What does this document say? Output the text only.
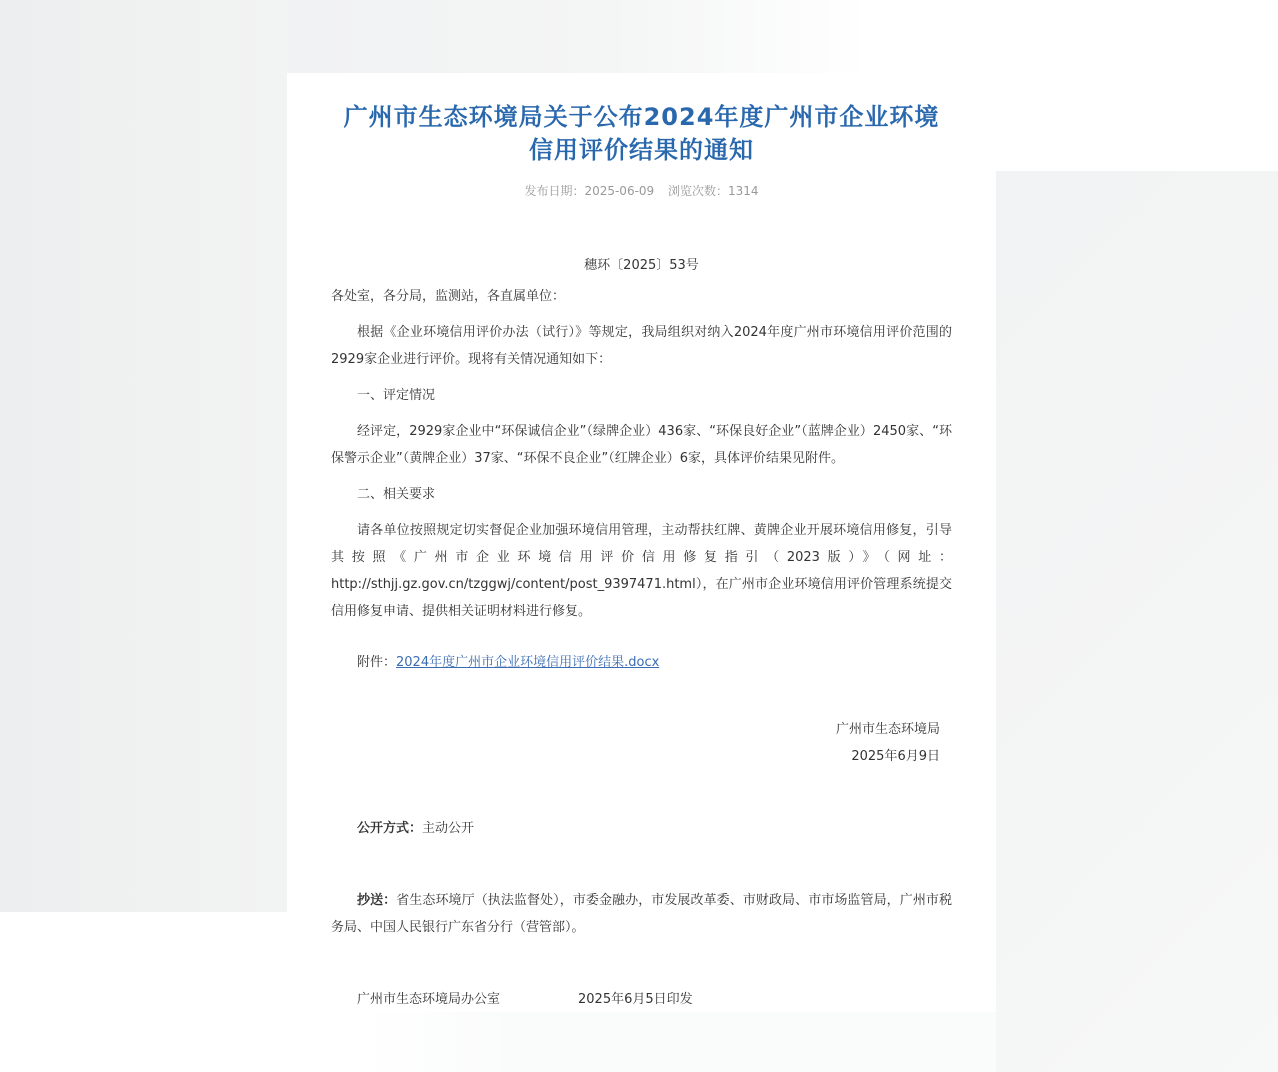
广州市生态环境局关于公布2024年度广州市企业环境信用评价结果的通知
发布日期：2025-06-09 浏览次数：1314
穗环〔2025〕53号
各处室，各分局，监测站，各直属单位：

根据《企业环境信用评价办法（试行）》等规定，我局组织对纳入2024年度广州市环境信用评价范围的2929家企业进行评价。现将有关情况通知如下：

一、评定情况

经评定，2929家企业中“环保诚信企业”（绿牌企业）436家、“环保良好企业”（蓝牌企业）2450家、“环保警示企业”（黄牌企业）37家、“环保不良企业”（红牌企业）6家，具体评价结果见附件。

二、相关要求

请各单位按照规定切实督促企业加强环境信用管理，主动帮扶红牌、黄牌企业开展环境信用修复，引导其按照《广州市企业环境信用评价信用修复指引（2023版）》（网址：http://sthjj.gz.gov.cn/tzggwj/content/post_9397471.html），在广州市企业环境信用评价管理系统提交信用修复申请、提供相关证明材料进行修复。

附件：2024年度广州市企业环境信用评价结果.docx
广州市生态环境局
2025年6月9日
公开方式：主动公开

抄送：省生态环境厅（执法监督处），市委金融办，市发展改革委、市财政局、市市场监管局，广州市税务局、中国人民银行广东省分行（营管部）。

广州市生态环境局办公室	2025年6月5日印发
